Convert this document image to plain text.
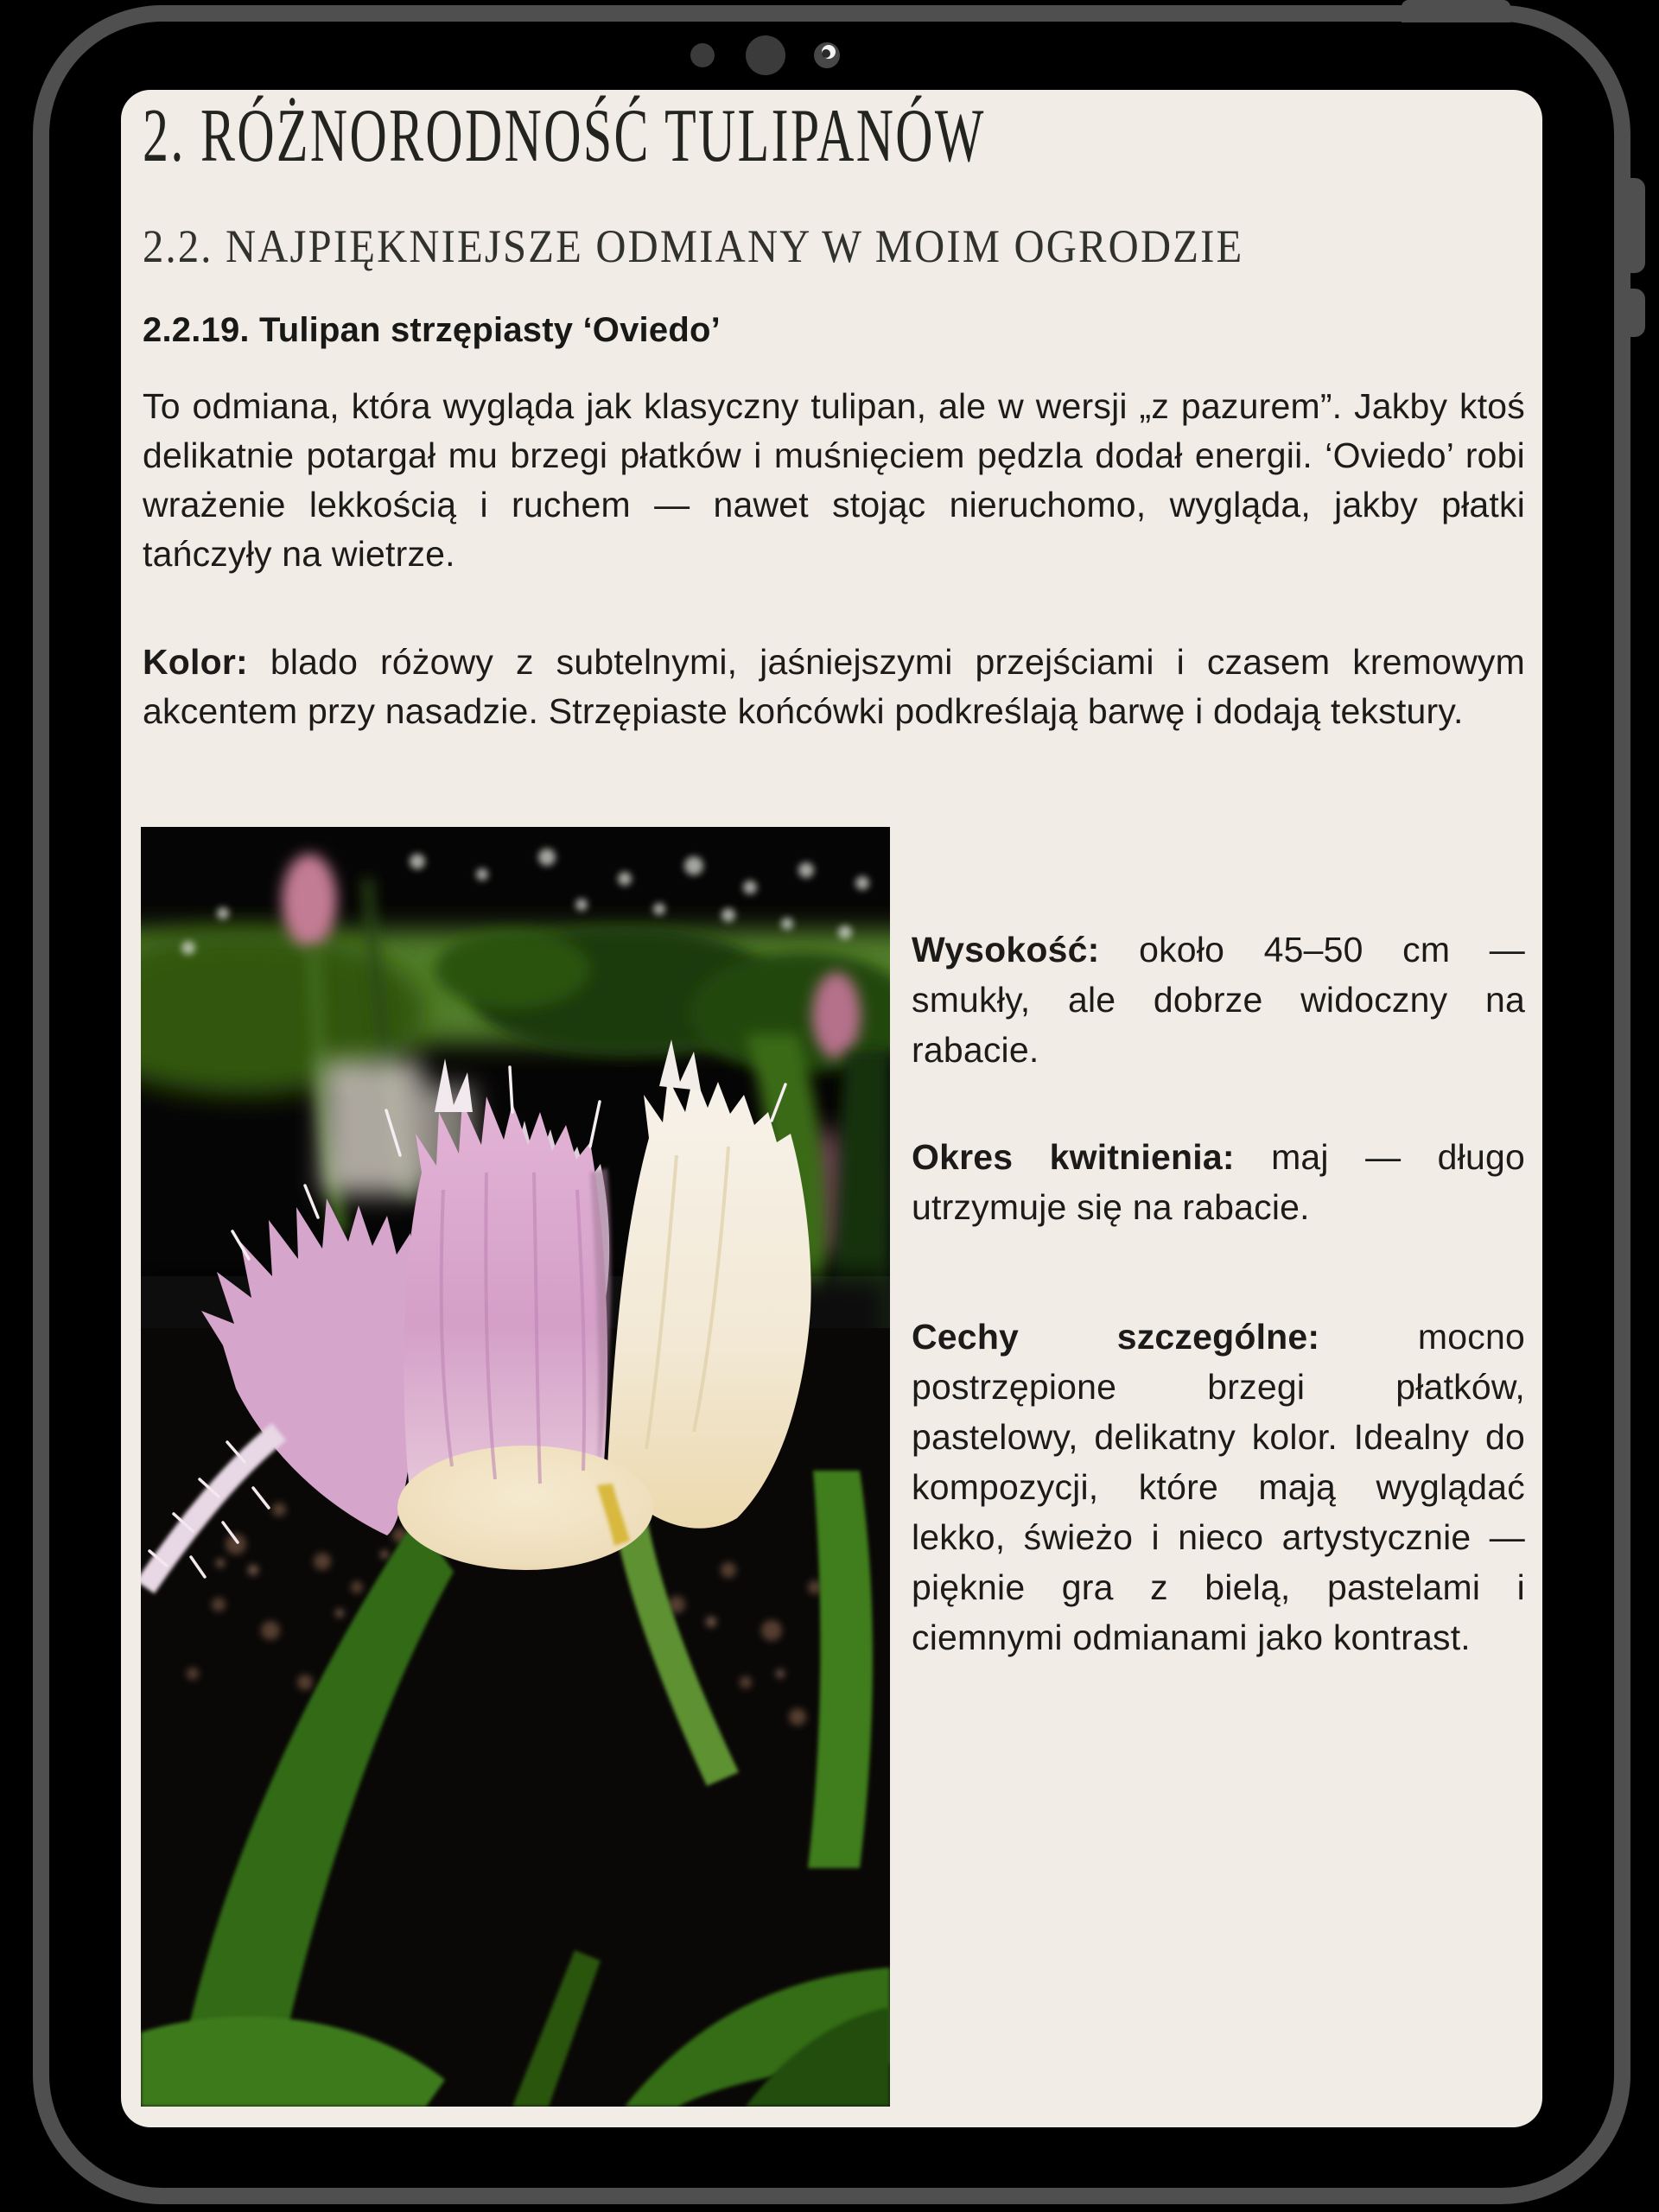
2. RÓŻNORODNOŚĆ TULIPANÓW
2.2. NAJPIĘKNIEJSZE ODMIANY W MOIM OGRODZIE
2.2.19. Tulipan strzępiasty ‘Oviedo’

To odmiana, która wygląda jak klasyczny tulipan, ale w wersji „z pazurem”. Jakby ktoś delikatnie potargał mu brzegi płatków i muśnięciem pędzla dodał energii. ‘Oviedo’ robi wrażenie lekkością i ruchem — nawet stojąc nieruchomo, wygląda, jakby płatki tańczyły na wietrze.

Kolor: blado różowy z subtelnymi, jaśniejszymi przejściami i czasem kremowym akcentem przy nasadzie. Strzępiaste końcówki podkreślają barwę i dodają tekstury.

Wysokość: około 45–50 cm — smukły, ale dobrze widoczny na rabacie.

Okres kwitnienia: maj — długo utrzymuje się na rabacie.

Cechy szczególne: mocno postrzępione brzegi płatków, pastelowy, delikatny kolor. Idealny do kompozycji, które mają wyglądać lekko, świeżo i nieco artystycznie — pięknie gra z bielą, pastelami i ciemnymi odmianami jako kontrast.
